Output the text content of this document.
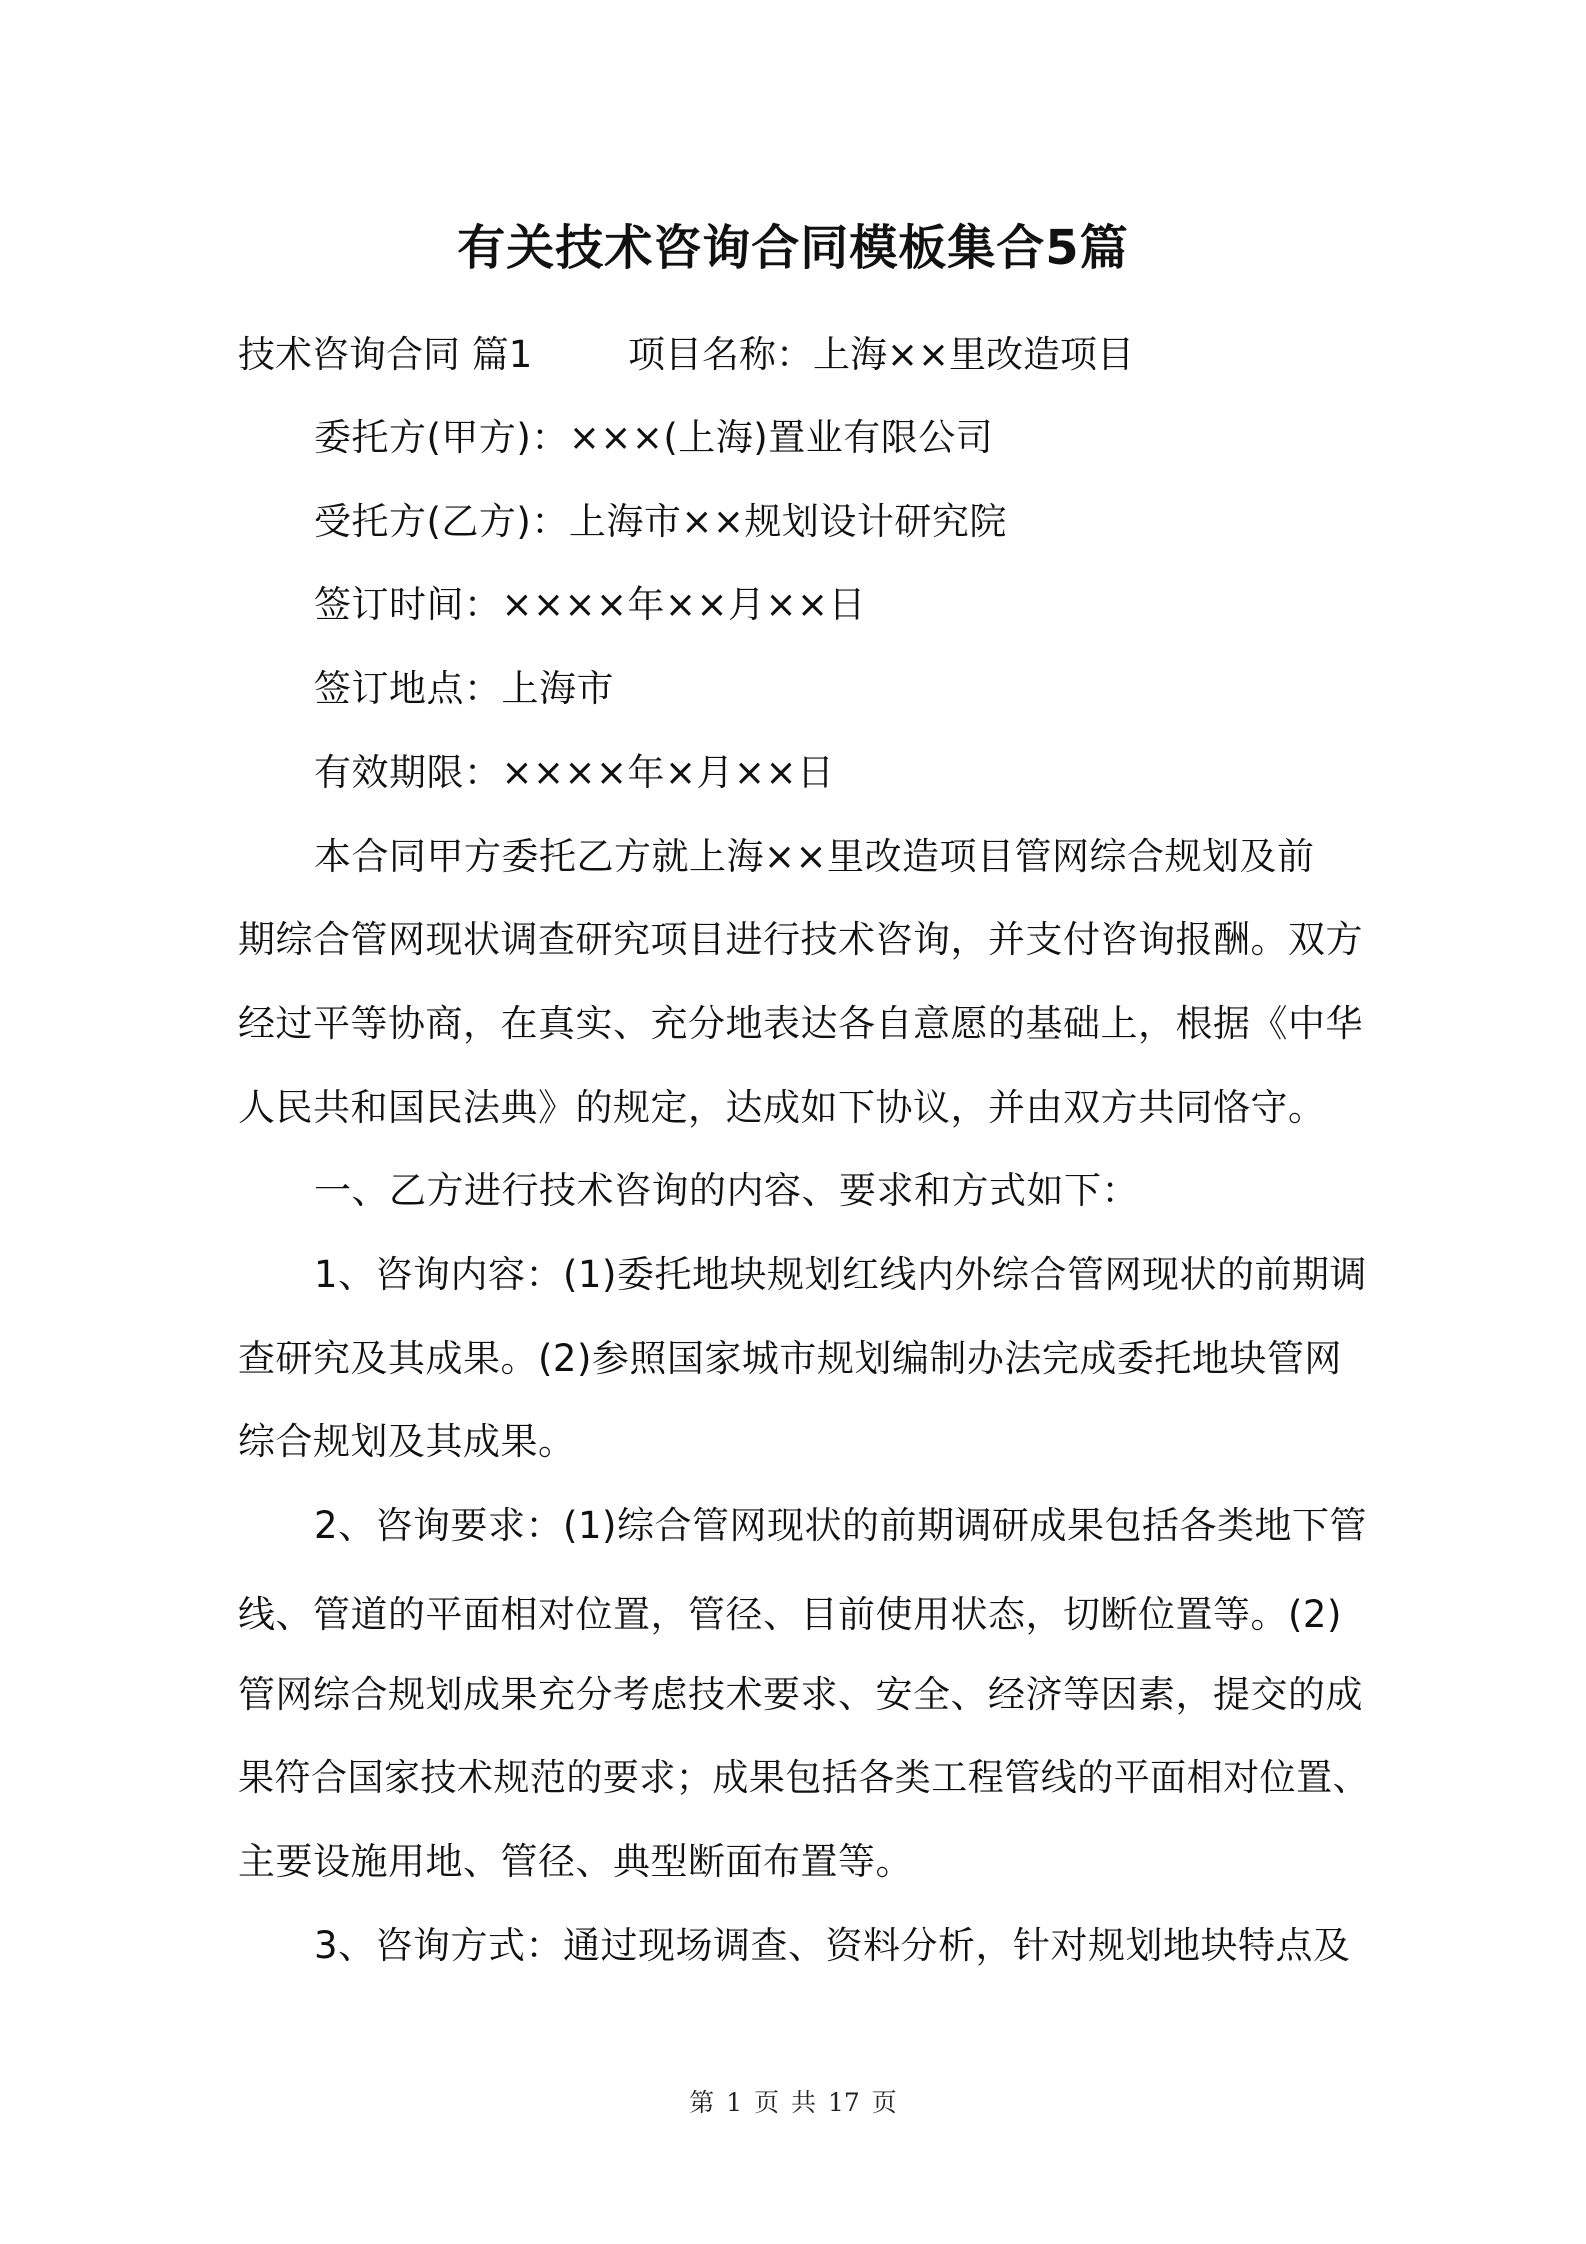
有关技术咨询合同模板集合5篇
技术咨询合同 篇1	项目名称：上海××里改造项目
委托方(甲方)：×××(上海)置业有限公司
受托方(乙方)：上海市××规划设计研究院
签订时间：××××年××月××日
签订地点：上海市
有效期限：××××年×月××日
本合同甲方委托乙方就上海××里改造项目管网综合规划及前
期综合管网现状调查研究项目进行技术咨询，并支付咨询报酬。双方
经过平等协商，在真实、充分地表达各自意愿的基础上，根据《中华
人民共和国民法典》的规定，达成如下协议，并由双方共同恪守。
一、乙方进行技术咨询的内容、要求和方式如下：
1、咨询内容：(1)委托地块规划红线内外综合管网现状的前期调
查研究及其成果。(2)参照国家城市规划编制办法完成委托地块管网
综合规划及其成果。
2、咨询要求：(1)综合管网现状的前期调研成果包括各类地下管
线、管道的平面相对位置，管径、目前使用状态，切断位置等。(2)
管网综合规划成果充分考虑技术要求、安全、经济等因素，提交的成
果符合国家技术规范的要求；成果包括各类工程管线的平面相对位置、
主要设施用地、管径、典型断面布置等。
3、咨询方式：通过现场调查、资料分析，针对规划地块特点及
第 1 页 共 17 页
